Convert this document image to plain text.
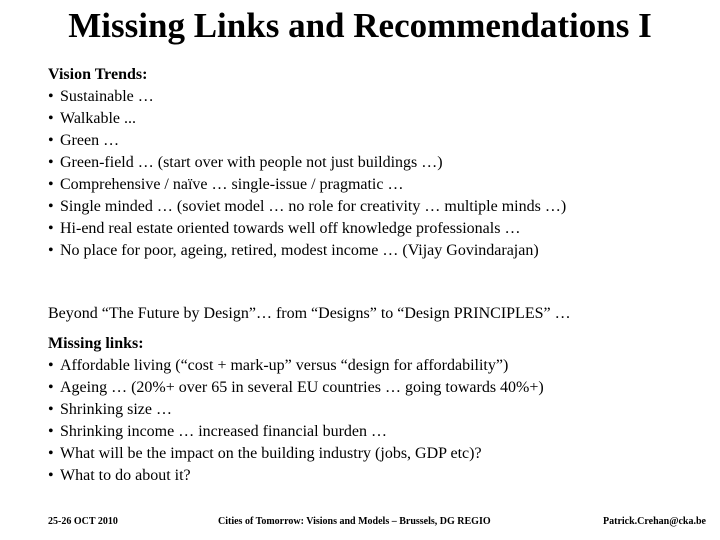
Missing Links and Recommendations I
Vision Trends:
• Sustainable …
• Walkable ...
• Green …
• Green-field … (start over with people not just buildings …)
• Comprehensive / naïve … single-issue / pragmatic …
• Single minded … (soviet model … no role for creativity … multiple minds …)
• Hi-end real estate oriented towards well off knowledge professionals …
• No place for poor, ageing, retired, modest income … (Vijay Govindarajan)
Beyond “The Future by Design”… from “Designs” to “Design PRINCIPLES” …
Missing links:
• Affordable living (“cost + mark-up” versus “design for affordability”)
• Ageing … (20%+ over 65 in several EU countries … going towards 40%+)
• Shrinking size …
• Shrinking income … increased financial burden …
• What will be the impact on the building industry (jobs, GDP etc)?
• What to do about it?
25-26 OCT 2010	Cities of Tomorrow: Visions and Models – Brussels, DG REGIO	Patrick.Crehan@cka.be
